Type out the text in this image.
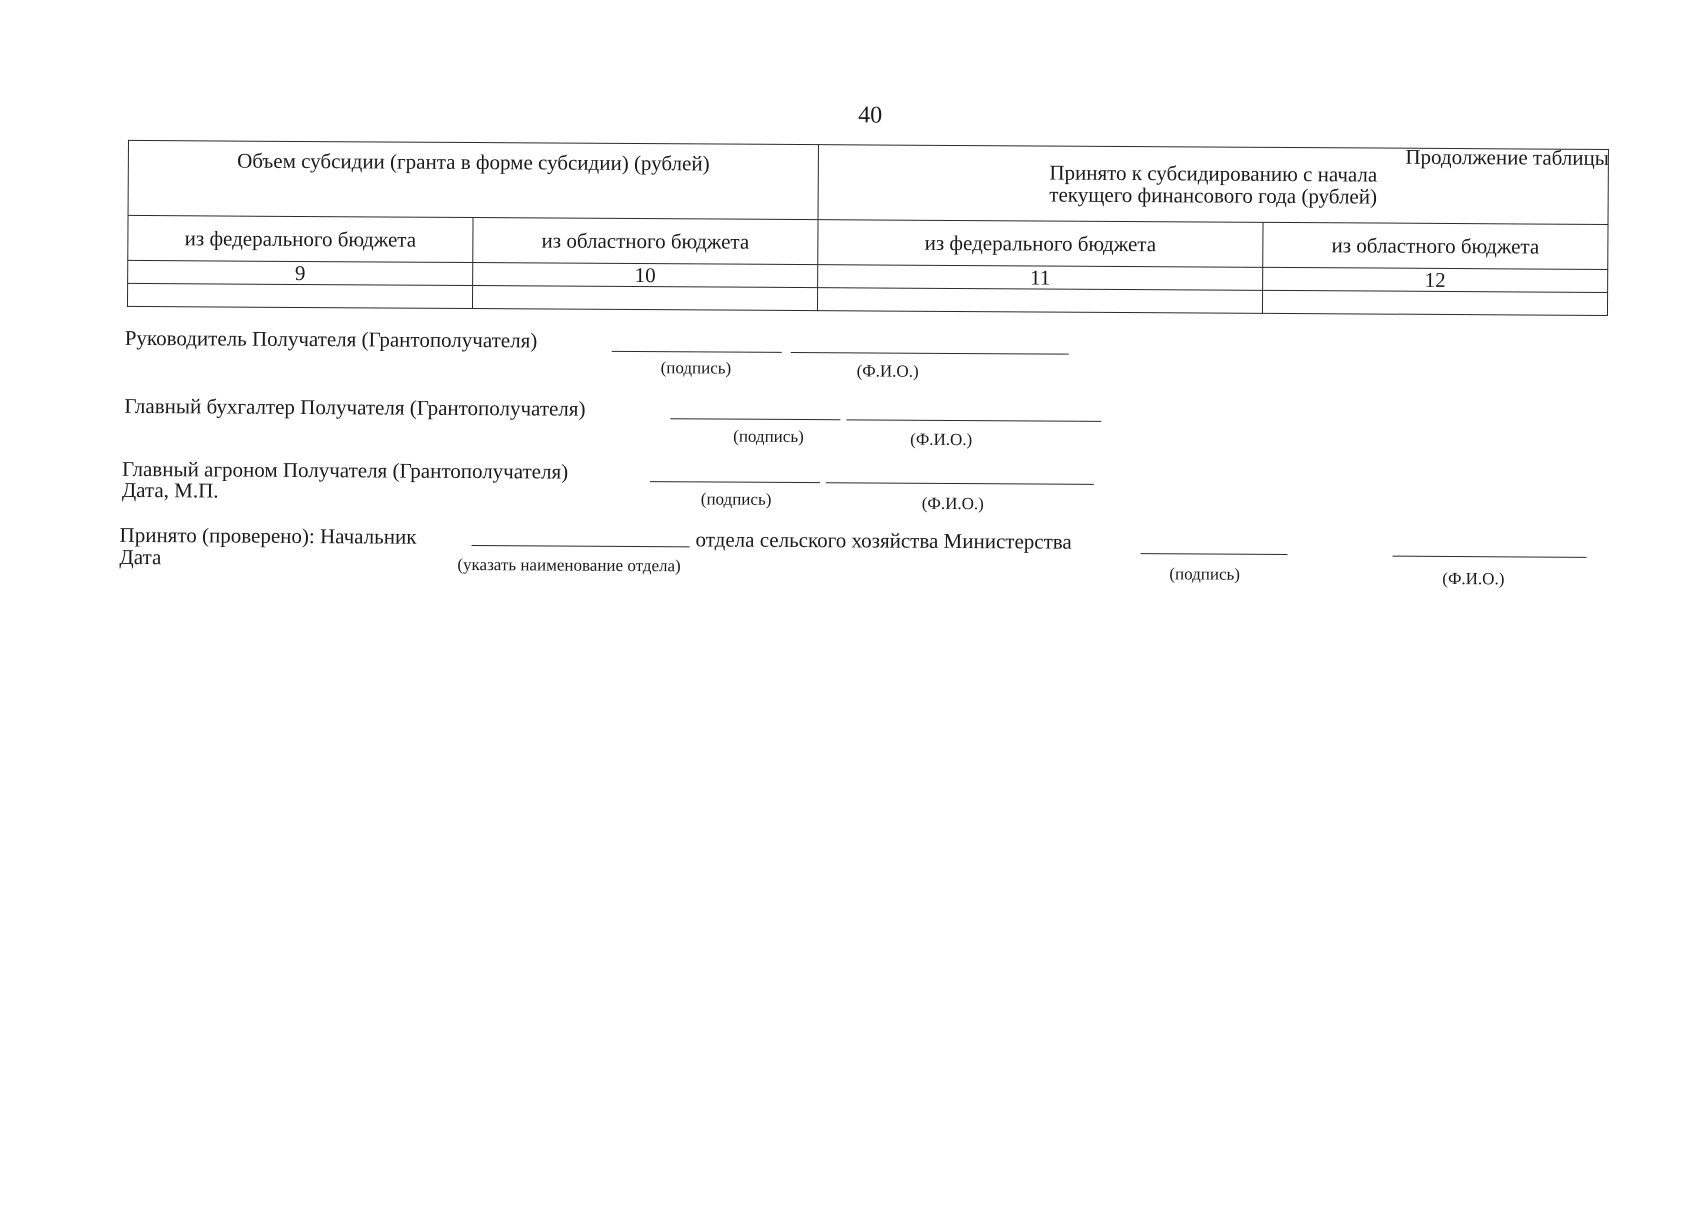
40
Продолжение таблицы
Объем субсидии (гранта в форме субсидии) (рублей)		Принято к субсидированию с начала
текущего финансового года (рублей)	

из федерального бюджета	из областного бюджета	из федерального бюджета	из областного бюджета
9	10	11	12

Руководитель Получателя (Грантополучателя)
(подпись)	(Ф.И.О.)
Главный бухгалтер Получателя (Грантополучателя)
(подпись)	(Ф.И.О.)
Главный агроном Получателя (Грантополучателя)
Дата, М.П.	(подпись)	(Ф.И.О.)
Принято (проверено): Начальник
Дата	(указать наименование отдела)
отдела сельского хозяйства Министерства
(подпись)	(Ф.И.О.)
